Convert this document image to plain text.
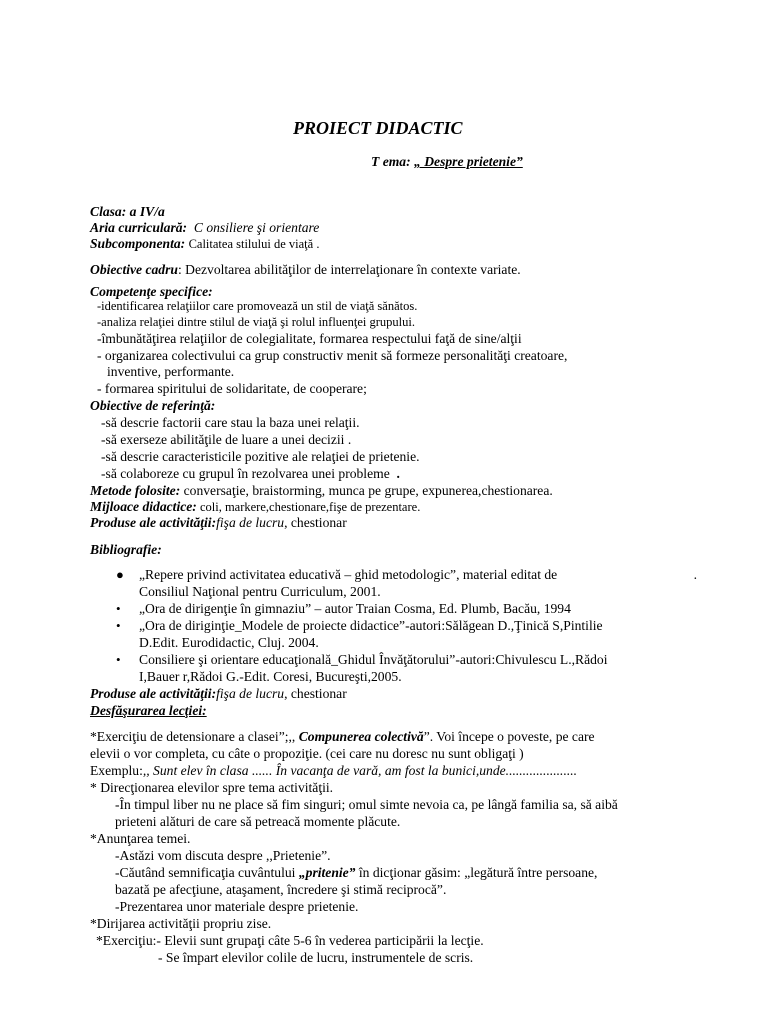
PROIECT DIDACTIC
T ema: „ Despre prietenie”
Clasa: a IV/a
Aria curriculară: C onsiliere şi orientare
Subcomponenta: Calitatea stilului de viaţă .
Obiective cadru: Dezvoltarea abilităţilor de interrelaţionare în contexte variate.
Competenţe specifice:
-identificarea relaţiilor care promovează un stil de viaţă sănătos.
-analiza relaţiei dintre stilul de viaţă şi rolul influenţei grupului.
-îmbunătăţirea relaţiilor de colegialitate, formarea respectului faţă de sine/alţii
- organizarea colectivului ca grup constructiv menit să formeze personalităţi creatoare,
inventive, performante.
- formarea spiritului de solidaritate, de cooperare;
Obiective de referinţă:
-să descrie factorii care stau la baza unei relaţii.
-să exerseze abilităţile de luare a unei decizii .
-să descrie caracteristicile pozitive ale relaţiei de prietenie.
-să colaboreze cu grupul în rezolvarea unei probleme .
Metode folosite: conversaţie, braistorming, munca pe grupe, expunerea,chestionarea.
Mijloace didactice: coli, markere,chestionare,fişe de prezentare.
Produse ale activităţii:fişa de lucru, chestionar
Bibliografie:
● „Repere privind activitatea educativă – ghid metodologic”, material editat de	.
Consiliul Naţional pentru Curriculum, 2001.
• „Ora de dirigenţie în gimnaziu” – autor Traian Cosma, Ed. Plumb, Bacău, 1994
• „Ora de diriginţie_Modele de proiecte didactice”-autori:Sălăgean D.,Ţinică S,Pintilie
D.Edit. Eurodidactic, Cluj. 2004.
• Consiliere şi orientare educaţională_Ghidul Învăţătorului”-autori:Chivulescu L.,Rădoi
I,Bauer r,Rădoi G.-Edit. Coresi, Bucureşti,2005.
Produse ale activităţii:fişa de lucru, chestionar
Desfăşurarea lecţiei:
*Exerciţiu de detensionare a clasei”;,, Compunerea colectivă”. Voi începe o poveste, pe care
elevii o vor completa, cu câte o propoziţie. (cei care nu doresc nu sunt obligaţi )
Exemplu:,, Sunt elev în clasa ...... În vacanţa de vară, am fost la bunici,unde.....................
* Direcţionarea elevilor spre tema activităţii.
-În timpul liber nu ne place să fim singuri; omul simte nevoia ca, pe lângă familia sa, să aibă
prieteni alături de care să petreacă momente plăcute.
*Anunţarea temei.
-Astăzi vom discuta despre ,,Prietenie”.
-Căutând semnificaţia cuvântului „pritenie” în dicţionar găsim: „legătură între persoane,
bazată pe afecţiune, ataşament, încredere şi stimă reciprocă”.
-Prezentarea unor materiale despre prietenie.
*Dirijarea activităţii propriu zise.
*Exerciţiu:- Elevii sunt grupaţi câte 5-6 în vederea participării la lecţie.
- Se împart elevilor colile de lucru, instrumentele de scris.
